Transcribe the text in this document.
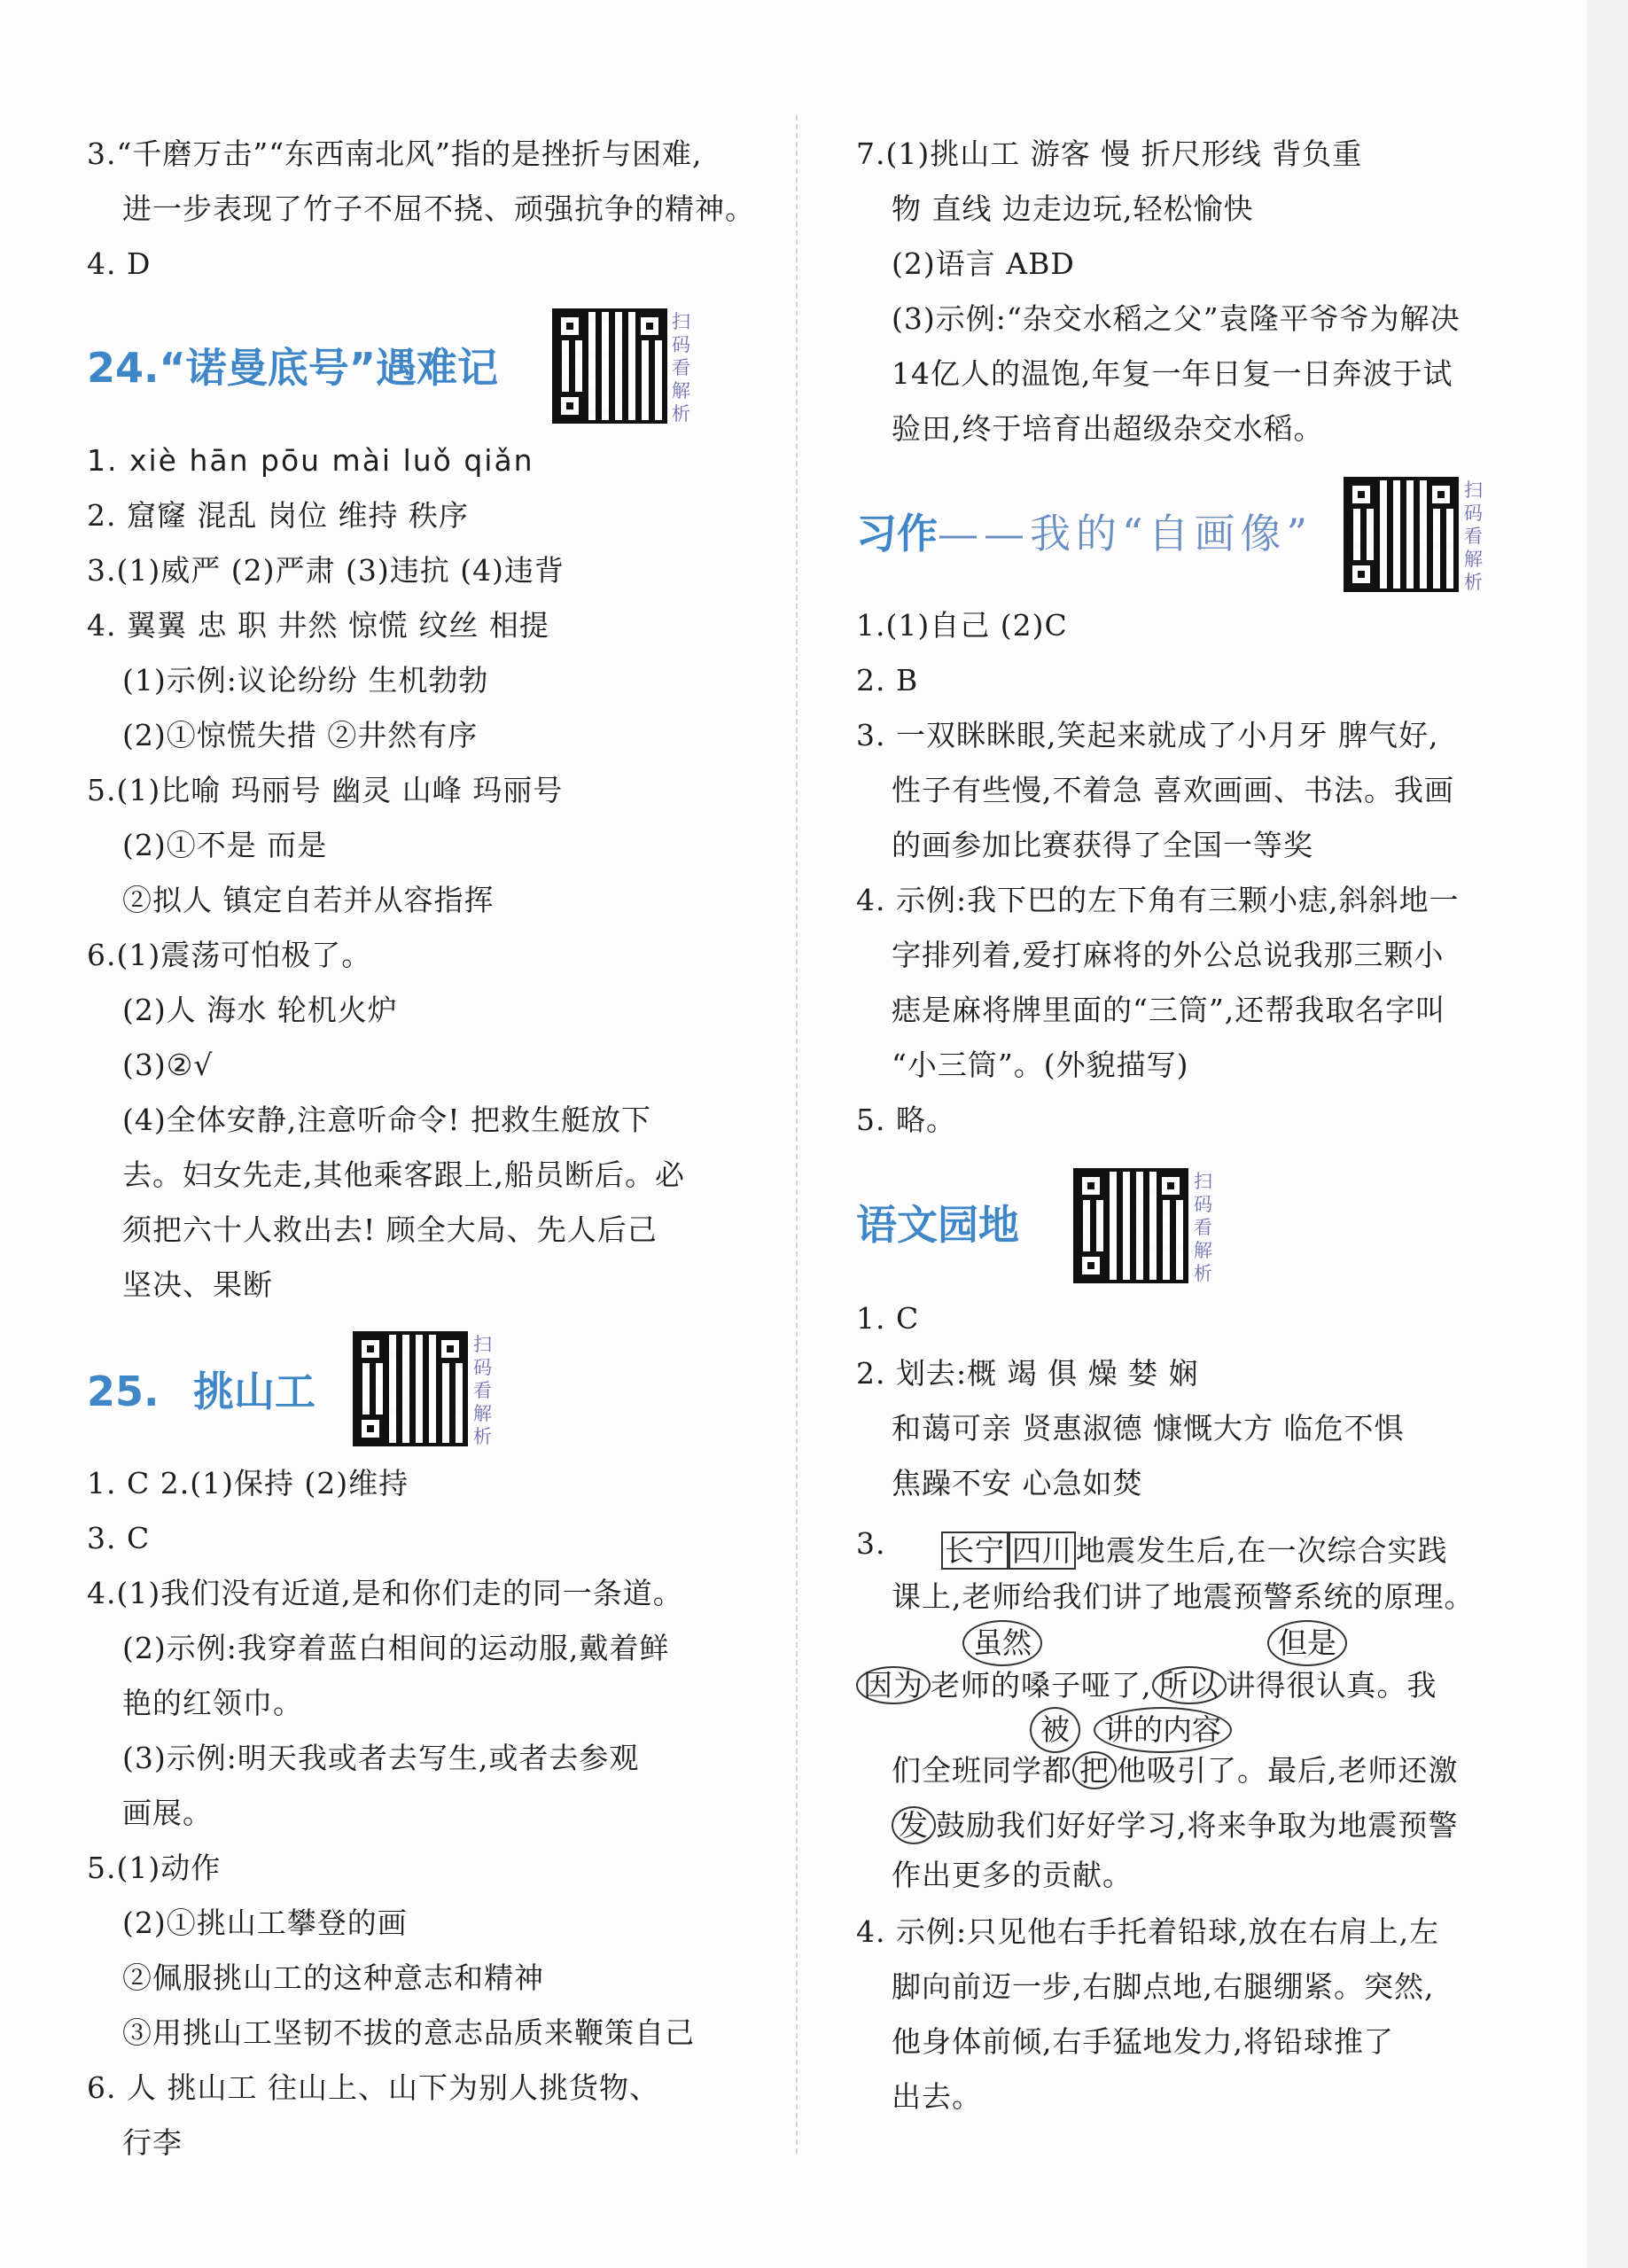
3.“千磨万击”“东西南北风”指的是挫折与困难,
进一步表现了竹子不屈不挠、顽强抗争的精神。
4. D
24.“诺曼底号”遇难记
扫码看解析
1. xiè hān pōu mài luǒ qiǎn
2. 窟窿 混乱 岗位 维持 秩序
3.(1)威严 (2)严肃 (3)违抗 (4)违背
4. 翼翼 忠 职 井然 惊慌 纹丝 相提
(1)示例:议论纷纷 生机勃勃
(2)①惊慌失措 ②井然有序
5.(1)比喻 玛丽号 幽灵 山峰 玛丽号
(2)①不是 而是
②拟人 镇定自若并从容指挥
6.(1)震荡可怕极了。
(2)人 海水 轮机火炉
(3)②√
(4)全体安静,注意听命令! 把救生艇放下
去。妇女先走,其他乘客跟上,船员断后。必
须把六十人救出去! 顾全大局、先人后己
坚决、果断
25. 挑山工
扫码看解析
1. C 2.(1)保持 (2)维持
3. C
4.(1)我们没有近道,是和你们走的同一条道。
(2)示例:我穿着蓝白相间的运动服,戴着鲜
艳的红领巾。
(3)示例:明天我或者去写生,或者去参观
画展。
5.(1)动作
(2)①挑山工攀登的画
②佩服挑山工的这种意志和精神
③用挑山工坚韧不拔的意志品质来鞭策自己
6. 人 挑山工 往山上、山下为别人挑货物、
行李
7.(1)挑山工 游客 慢 折尺形线 背负重
物 直线 边走边玩,轻松愉快
(2)语言 ABD
(3)示例:“杂交水稻之父”袁隆平爷爷为解决
14亿人的温饱,年复一年日复一日奔波于试
验田,终于培育出超级杂交水稻。
习作——我的“自画像”
扫码看解析
1.(1)自己 (2)C
2. B
3. 一双眯眯眼,笑起来就成了小月牙 脾气好,
性子有些慢,不着急 喜欢画画、书法。我画
的画参加比赛获得了全国一等奖
4. 示例:我下巴的左下角有三颗小痣,斜斜地一
字排列着,爱打麻将的外公总说我那三颗小
痣是麻将牌里面的“三筒”,还帮我取名字叫
“小三筒”。(外貌描写)
5. 略。
语文园地
扫码看解析
1. C
2. 划去:概 竭 俱 燥 婪 娴
和蔼可亲 贤惠淑德 慷慨大方 临危不惧
焦躁不安 心急如焚
3. 长宁 四川 地震发生后,在一次综合实践
课上,老师给我们讲了地震预警系统的原理。
虽然	但是
因为 老师的嗓子哑了, 所以 讲得很认真。我
被	讲的内容
们全班同学都 把 他吸引了。最后,老师还激
发 鼓励我们好好学习,将来争取为地震预警
作出更多的贡献。
4. 示例:只见他右手托着铅球,放在右肩上,左
脚向前迈一步,右脚点地,右腿绷紧。突然,
他身体前倾,右手猛地发力,将铅球推了
出去。
